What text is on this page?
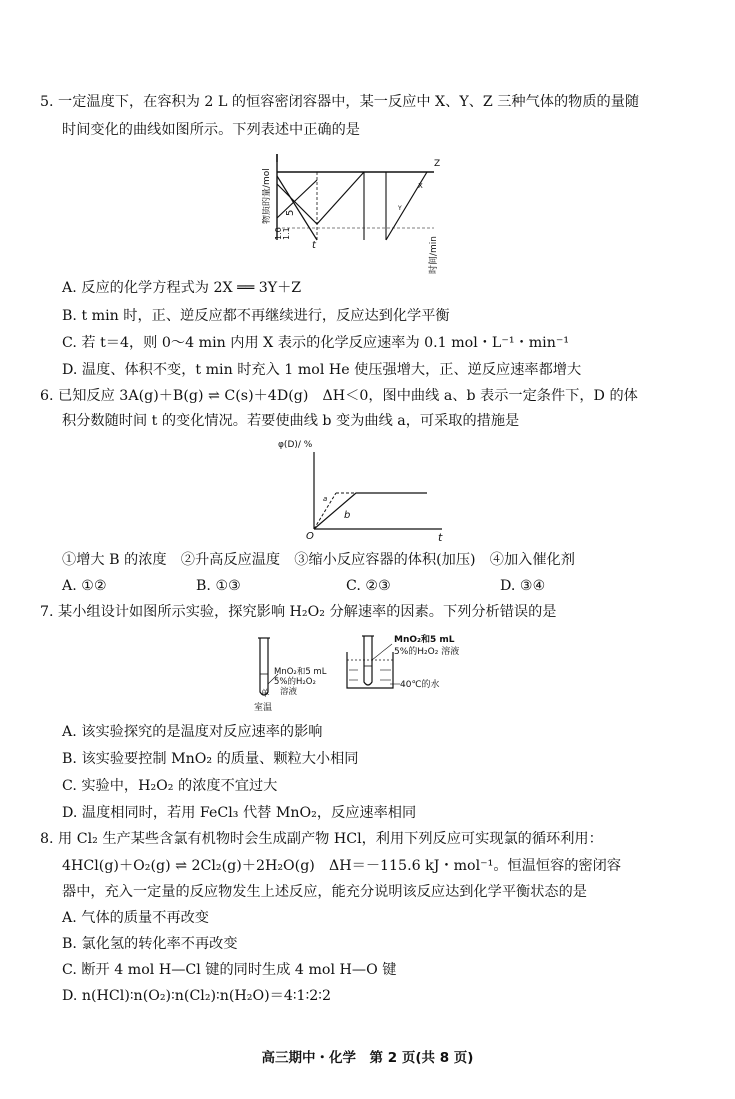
5. 一定温度下，在容积为 2 L 的恒容密闭容器中，某一反应中 X、Y、Z 三种气体的物质的量随
时间变化的曲线如图所示。下列表述中正确的是
物质的量/mol 5
1.0 1.1
X
Y
Z
t	时间/min
A. 反应的化学方程式为 2X ══ 3Y＋Z
B. t min 时，正、逆反应都不再继续进行，反应达到化学平衡
C. 若 t＝4，则 0～4 min 内用 X 表示的化学反应速率为 0.1 mol・L⁻¹・min⁻¹
D. 温度、体积不变，t min 时充入 1 mol He 使压强增大，正、逆反应速率都增大
6. 已知反应 3A(g)＋B(g) ⇌ C(s)＋4D(g)　ΔH＜0，图中曲线 a、b 表示一定条件下，D 的体
积分数随时间 t 的变化情况。若要使曲线 b 变为曲线 a，可采取的措施是
φ(D)/ %
O	t
a
b
①增大 B 的浓度　②升高反应温度　③缩小反应容器的体积(加压)　④加入催化剂
A. ①②	B. ①③	C. ②③	D. ③④
7. 某小组设计如图所示实验，探究影响 H₂O₂ 分解速率的因素。下列分析错误的是
MnO₂和5 mL
5%的H₂O₂
溶液
单
室温
MnO₂和5 mL
5%的H₂O₂ 溶液
40℃的水
A. 该实验探究的是温度对反应速率的影响
B. 该实验要控制 MnO₂ 的质量、颗粒大小相同
C. 实验中，H₂O₂ 的浓度不宜过大
D. 温度相同时，若用 FeCl₃ 代替 MnO₂，反应速率相同
8. 用 Cl₂ 生产某些含氯有机物时会生成副产物 HCl，利用下列反应可实现氯的循环利用：
4HCl(g)＋O₂(g) ⇌ 2Cl₂(g)＋2H₂O(g)　ΔH＝－115.6 kJ・mol⁻¹。恒温恒容的密闭容
器中，充入一定量的反应物发生上述反应，能充分说明该反应达到化学平衡状态的是
A. 气体的质量不再改变
B. 氯化氢的转化率不再改变
C. 断开 4 mol H—Cl 键的同时生成 4 mol H—O 键
D. n(HCl)∶n(O₂)∶n(Cl₂)∶n(H₂O)＝4∶1∶2∶2
高三期中・化学　第 2 页(共 8 页)
